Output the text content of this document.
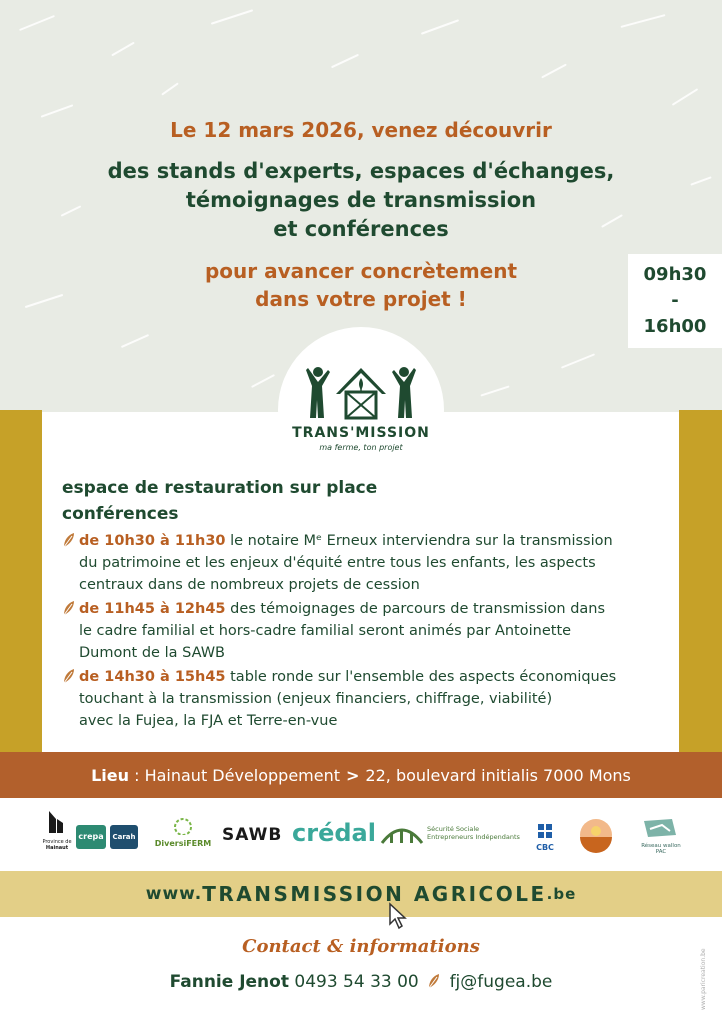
Le 12 mars 2026, venez découvrir
des stands d'experts, espaces d'échanges,
témoignages de transmission
et conférences
pour avancer concrètement
dans votre projet !
09h30
-
16h00
TRANS'MISSION
ma ferme, ton projet
espace de restauration sur place
conférences
de 10h30 à 11h30 le notaire Mᵉ Erneux interviendra sur la transmission
du patrimoine et les enjeux d'équité entre tous les enfants, les aspects
centraux dans de nombreux projets de cession
de 11h45 à 12h45 des témoignages de parcours de transmission dans
le cadre familial et hors-cadre familial seront animés par Antoinette
Dumont de la SAWB
de 14h30 à 15h45 table ronde sur l'ensemble des aspects économiques
touchant à la transmission (enjeux financiers, chiffrage, viabilité)
avec la Fujea, la FJA et Terre-en-vue
Lieu : Hainaut Développement > 22, boulevard initialis 7000 Mons
Province de
Hainaut
crepa	Carah
DiversiFERM SAWB crédal	Sécurité Sociale
Entrepreneurs Indépendants
CBC	Réseau wallon
PAC
www. TRANSMISSION AGRICOLE .be
Contact & informations
Fannie Jenot 0493 54 33 00 fj@fugea.be	www.paricreation.be
